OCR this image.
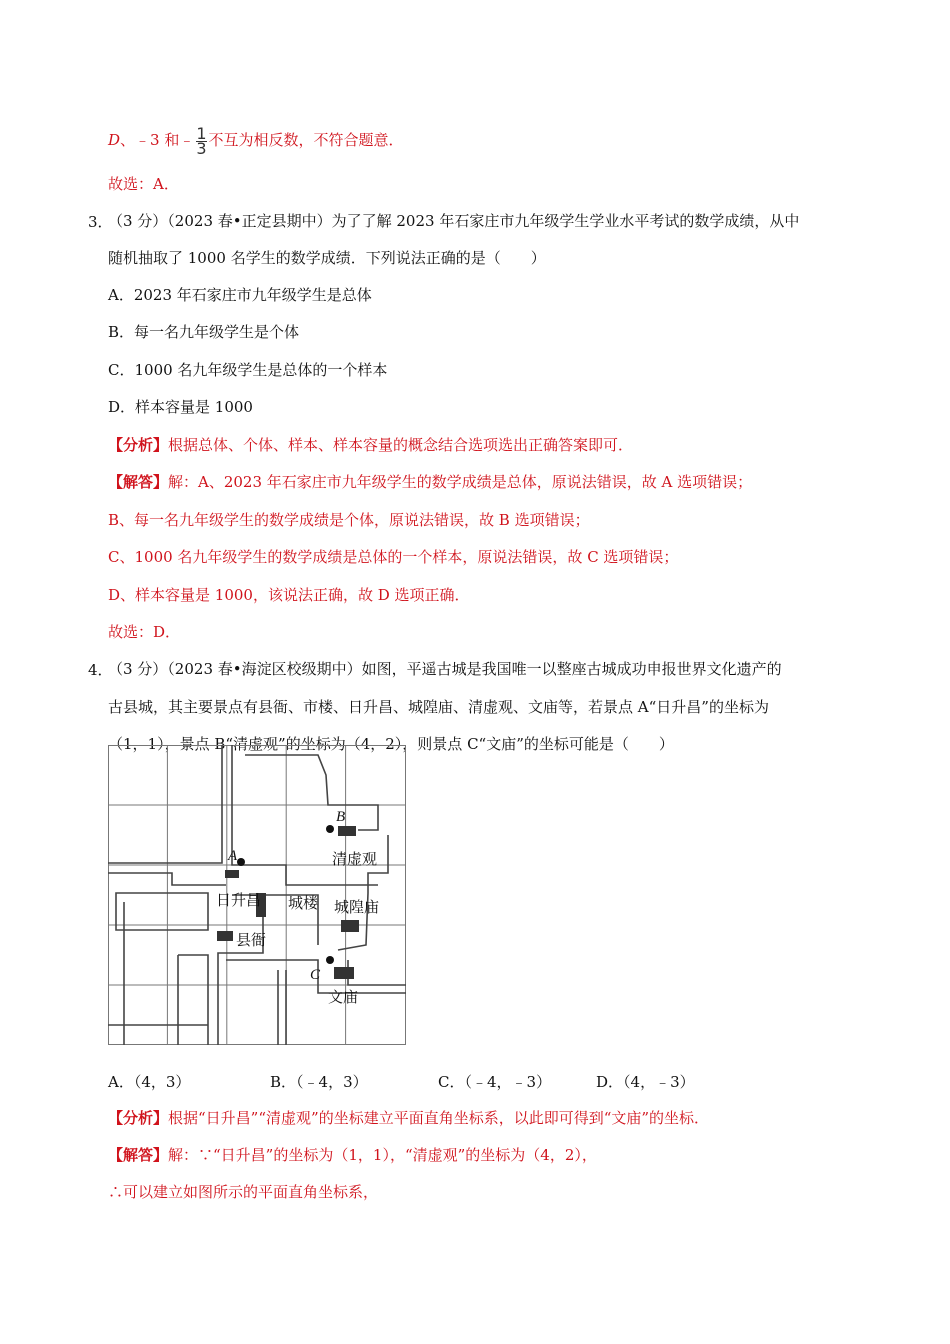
D、﹣3 和﹣ $\frac{1}{3}$ 不互为相反数，不符合题意．
故选：A．
3．
（3 分）（2023 春•正定县期中）为了了解 2023 年石家庄市九年级学生学业水平考试的数学成绩，从中
随机抽取了 1000 名学生的数学成绩．下列说法正确的是（　　）
A．2023 年石家庄市九年级学生是总体
B．每一名九年级学生是个体
C．1000 名九年级学生是总体的一个样本
D．样本容量是 1000
【分析】根据总体、个体、样本、样本容量的概念结合选项选出正确答案即可．
【解答】解：A、2023 年石家庄市九年级学生的数学成绩是总体，原说法错误，故 A 选项错误；
B、每一名九年级学生的数学成绩是个体，原说法错误，故 B 选项错误；
C、1000 名九年级学生的数学成绩是总体的一个样本，原说法错误，故 C 选项错误；
D、样本容量是 1000，该说法正确，故 D 选项正确．
故选：D．
4．
（3 分）（2023 春•海淀区校级期中）如图，平遥古城是我国唯一以整座古城成功申报世界文化遗产的
古县城，其主要景点有县衙、市楼、日升昌、城隍庙、清虚观、文庙等，若景点 A“日升昌”的坐标为
（1，1），景点 B“清虚观”的坐标为（4，2），则景点 C“文庙”的坐标可能是（　　）
A
B
C
日升昌
清虚观
文庙
城楼 城隍庙
县衙
A．（4，3）	B．（﹣4，3）	C．（﹣4，﹣3）	D．（4，﹣3）
【分析】根据“日升昌”“清虚观”的坐标建立平面直角坐标系，以此即可得到“文庙”的坐标．
【解答】解：∵“日升昌”的坐标为（1，1），“清虚观”的坐标为（4，2），
∴可以建立如图所示的平面直角坐标系，
